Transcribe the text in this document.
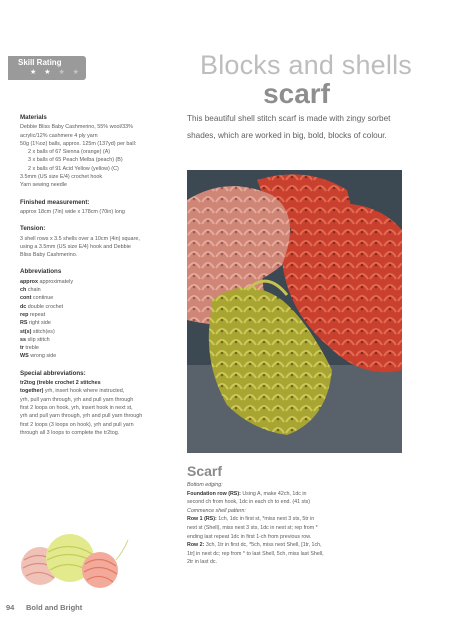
Skill Rating
★ ★ ★ ★
Materials

Debbie Bliss Baby Cashmerino, 55% wool/33%

acrylic/12% cashmere 4 ply yarn

50g (1¾oz) balls, approx. 125m (137yd) per ball:

2 x balls of 67 Sienna (orange) (A)

3 x balls of 65 Peach Melba (peach) (B)

2 x balls of 91 Acid Yellow (yellow) (C)

3.5mm (US size E/4) crochet hook

Yarn sewing needle

Finished measurement:

approx 18cm (7in) wide x 178cm (70in) long

Tension:

3 shell rows x 3.5 shells over a 10cm (4in) square,

using a 3.5mm (US size E/4) hook and Debbie

Bliss Baby Cashmerino.

Abbreviations

approx approximately

ch chain

cont continue

dc double crochet

rep repeat

RS right side

st(s) stitch(es)

ss slip stitch

tr treble

WS wrong side

Special abbreviations:

tr2tog (treble crochet 2 stitches

together) yrh, insert hook where instructed,

yrh, pull yarn through, yrh and pull yarn through

first 2 loops on hook, yrh, insert hook in next st,

yrh and pull yarn through, yrh and pull yarn through

first 2 loops (3 loops on hook), yrh and pull yarn

through all 3 loops to complete the tr2tog.

Blocks and shells
scarf
This beautiful shell stitch scarf is made with zingy sorbet shades, which are worked in big, bold, blocks of colour.
Scarf

Bottom edging:

Foundation row (RS): Using A, make 42ch, 1dc in

second ch from hook, 1dc in each ch to end. (41 sts)

Commence shell pattern:

Row 1 (RS): 1ch, 1dc in first st, *miss next 3 sts, 5tr in

next st (Shell), miss next 3 sts, 1dc in next st; rep from *

ending last repeat 1dc in first 1-ch from previous row.

Row 2: 3ch, 1tr in first dc, *5ch, miss next Shell, [1tr, 1ch,

1tr] in next dc; rep from * to last Shell, 5ch, miss last Shell,

2tr in last dc.

94 Bold and Bright
